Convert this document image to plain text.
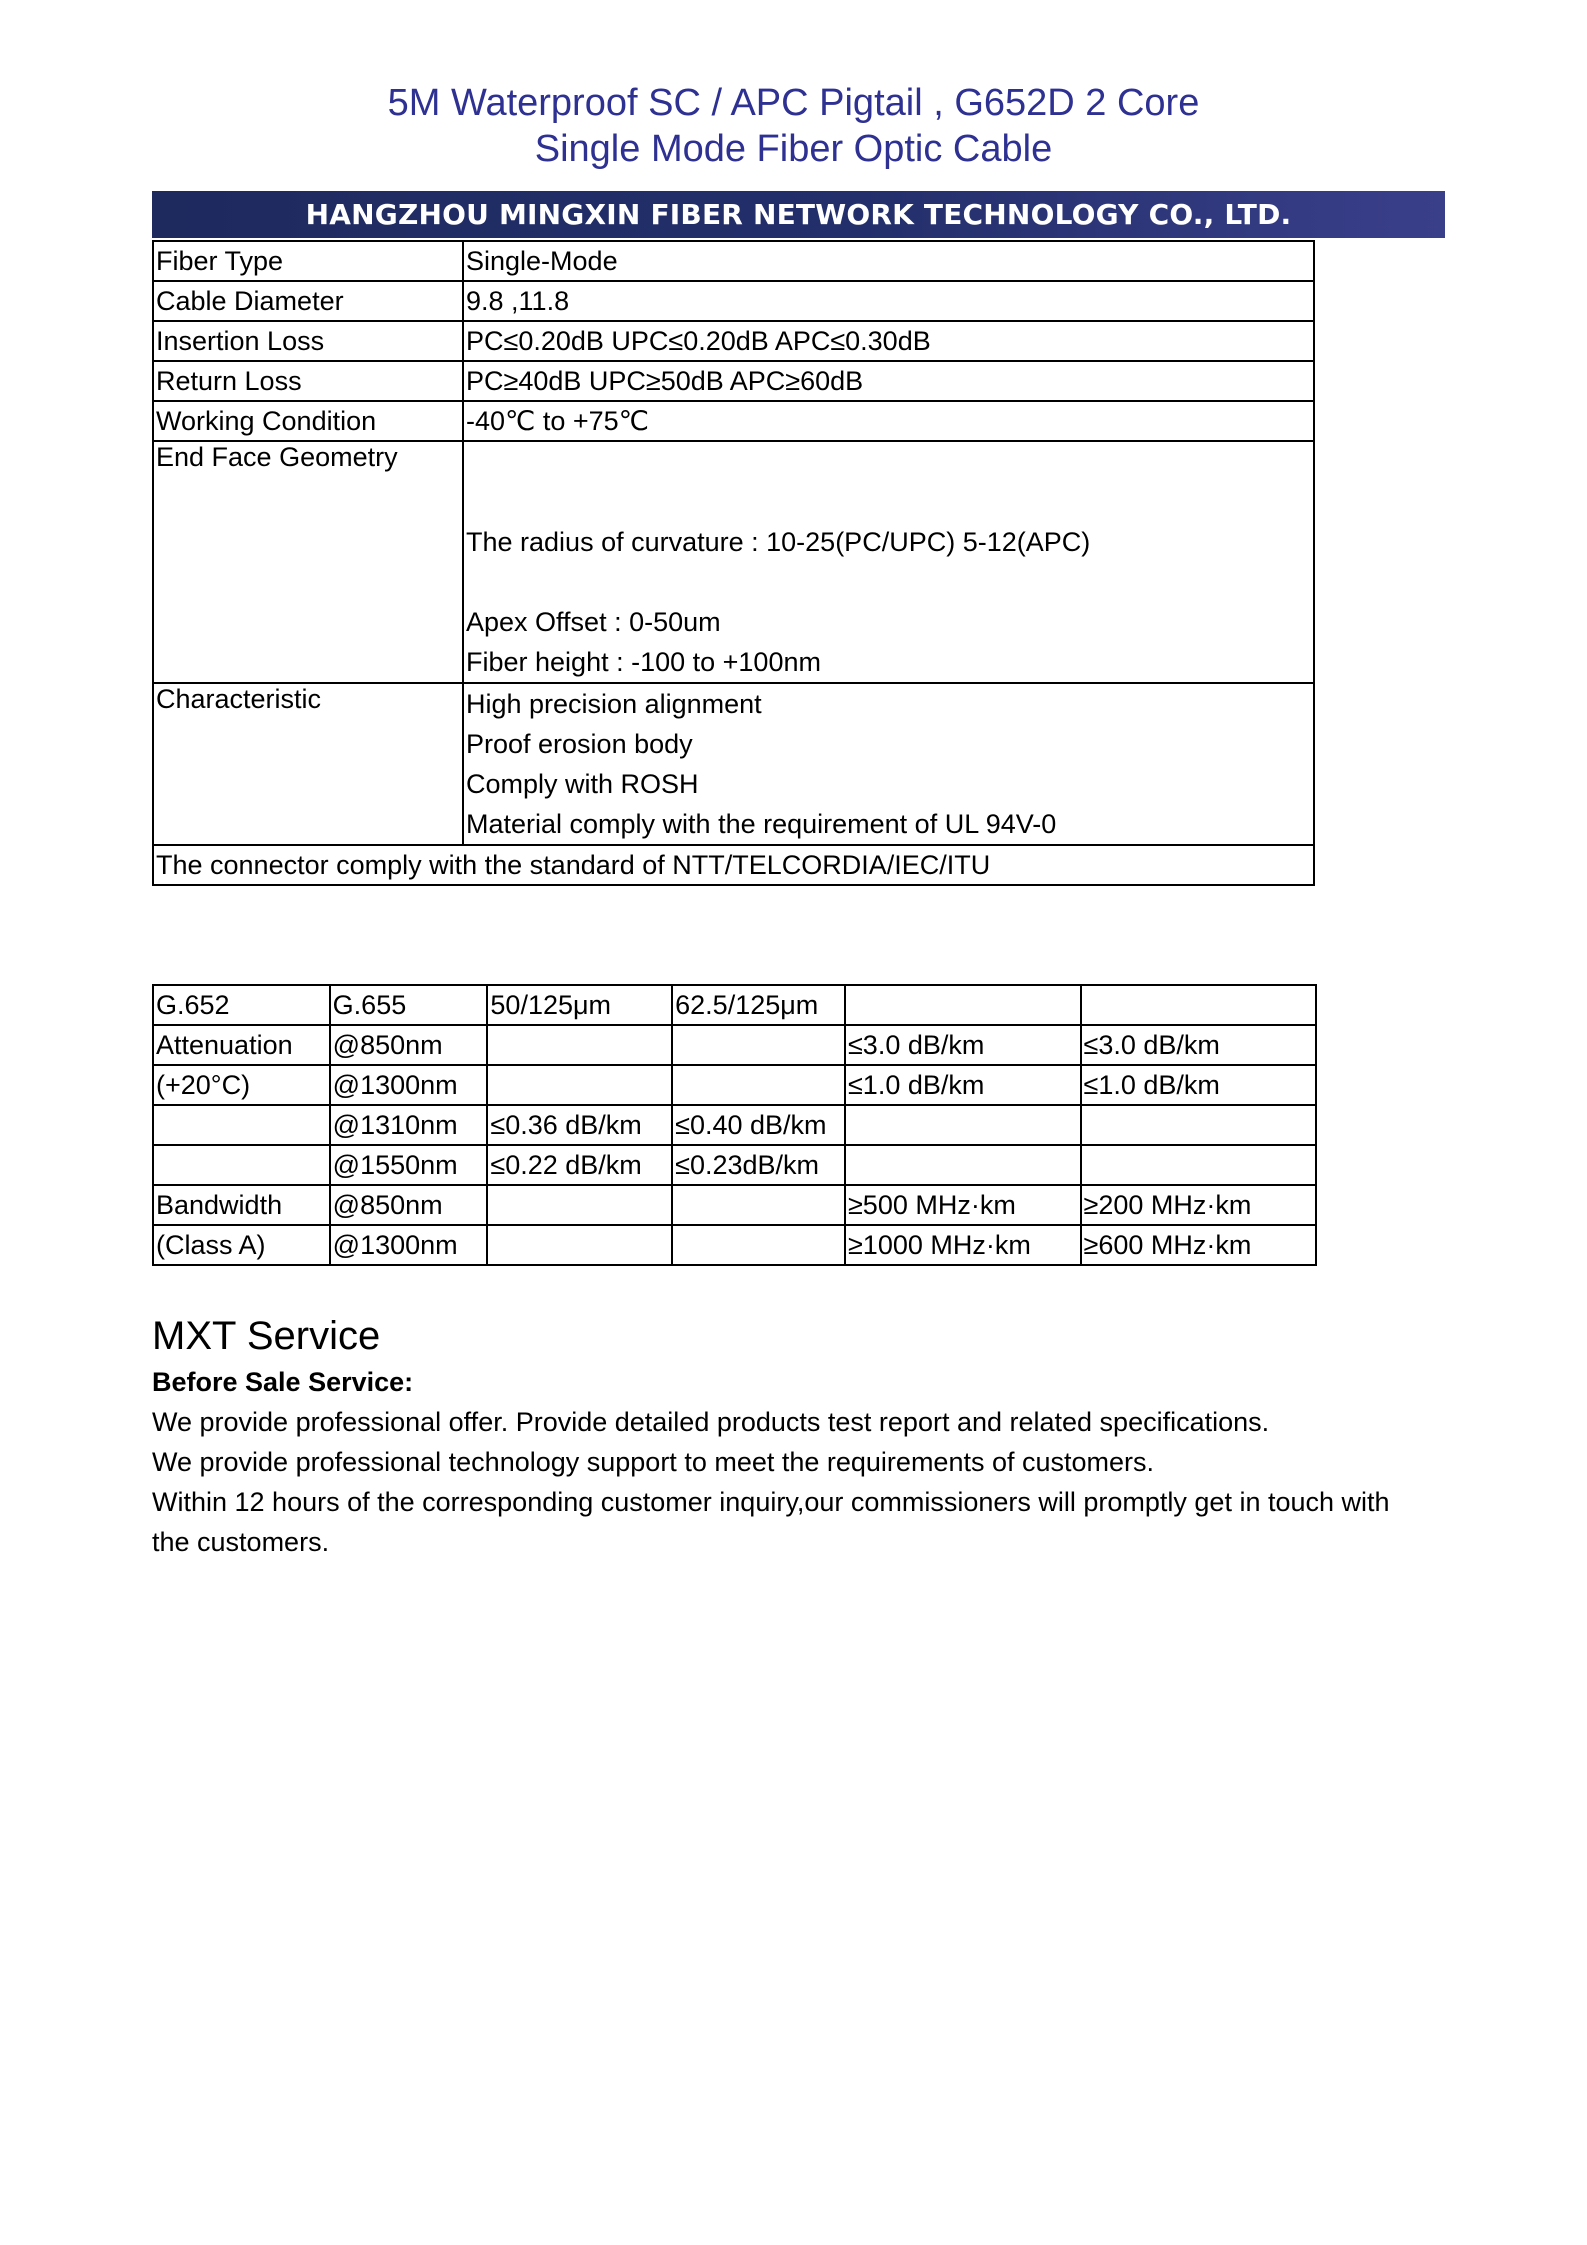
5M Waterproof SC / APC Pigtail , G652D 2 Core
Single Mode Fiber Optic Cable
HANGZHOU MINGXIN FIBER NETWORK TECHNOLOGY CO., LTD.
Fiber Type	Single-Mode
Cable Diameter	9.8 ,11.8
Insertion Loss	PC≤0.20dB UPC≤0.20dB APC≤0.30dB
Return Loss	PC≥40dB UPC≥50dB APC≥60dB
Working Condition	-40℃ to +75℃
End Face Geometry	The radius of curvature : 10-25(PC/UPC) 5-12(APC)
Apex Offset : 0-50um
Fiber height : -100 to +100nm

Characteristic	High precision alignment
Proof erosion body
Comply with ROSH
Material comply with the requirement of UL 94V-0

The connector comply with the standard of NTT/TELCORDIA/IEC/ITU	
G.652	G.655	50/125μm	62.5/125μm		
Attenuation	@850nm			≤3.0 dB/km	≤3.0 dB/km
(+20°C)	@1300nm			≤1.0 dB/km	≤1.0 dB/km
	@1310nm	≤0.36 dB/km	≤0.40 dB/km		
	@1550nm	≤0.22 dB/km	≤0.23dB/km		
Bandwidth	@850nm			≥500 MHz·km	≥200 MHz·km
(Class A)	@1300nm			≥1000 MHz·km	≥600 MHz·km
MXT Service
Before Sale Service:
We provide professional offer. Provide detailed products test report and related specifications.
We provide professional technology support to meet the requirements of customers.
Within 12 hours of the corresponding customer inquiry,our commissioners will promptly get in touch with
the customers.
